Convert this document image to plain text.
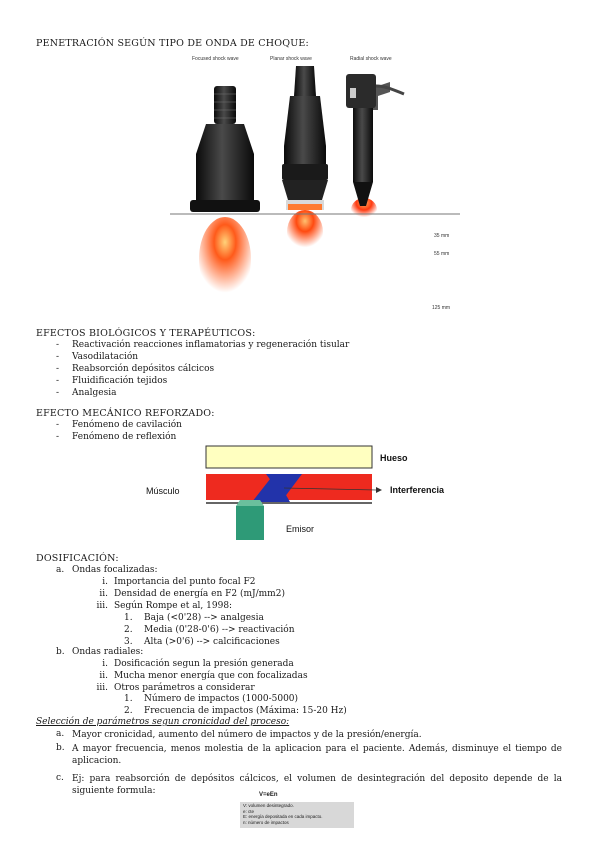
PENETRACIÓN SEGÚN TIPO DE ONDA DE CHOQUE:
Focused shock wave	Planar shock wave	Radial shock wave
35 mm
55 mm
125 mm
EFECTOS BIOLÓGICOS Y TERAPÉUTICOS:
- Reactivación reacciones inflamatorias y regeneración tisular
- Vasodilatación
- Reabsorción depósitos cálcicos
- Fluidificación tejidos
- Analgesia
EFECTO MECÁNICO REFORZADO:
- Fenómeno de cavilación
- Fenómeno de reflexión
Hueso
Músculo	Interferencia
Emisor
DOSIFICACIÓN:
a. Ondas focalizadas:
i. Importancia del punto focal F2
ii. Densidad de energía en F2 (mJ/mm2)
iii. Según Rompe et al, 1998:
1. Baja (<0'28) --> analgesia
2. Media (0'28-0'6) --> reactivación
3. Alta (>0'6) --> calcificaciones
b. Ondas radiales:
i. Dosificación segun la presión generada
ii. Mucha menor energía que con focalizadas
iii. Otros parámetros a considerar
1. Número de impactos (1000-5000)
2. Frecuencia de impactos (Máxima: 15-20 Hz)
Selección de parámetros segun cronicidad del proceso:
a. Mayor cronicidad, aumento del número de impactos y de la presión/energía.
b. A mayor frecuencia, menos molestia de la aplicacion para el paciente. Además, disminuye el tiempo de aplicacion.
c. Ej: para reabsorción de depósitos cálcicos, el volumen de desintegración del deposito depende de la siguiente formula:	V=eEn
V: volumen desintegrado.
e: cte
E: energía depositada en cada impacto.
n: número de impactos
